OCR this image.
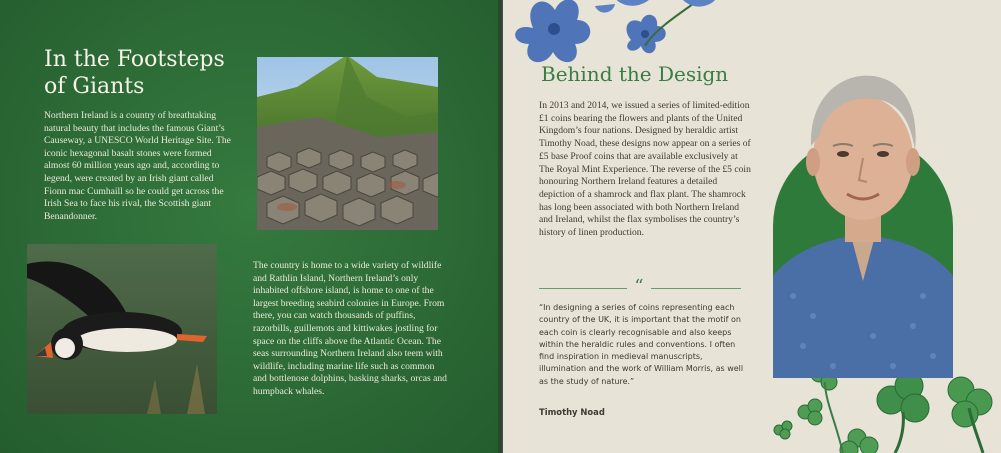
In the Footsteps
of Giants

Northern Ireland is a country of breathtaking natural beauty that includes the famous Giant’s Causeway, a UNESCO World Heritage Site. The iconic hexagonal basalt stones were formed almost 60 million years ago and, according to legend, were created by an Irish giant called Fionn mac Cumhaill so he could get across the Irish Sea to face his rival, the Scottish giant Benandonner.

The country is home to a wide variety of wildlife and Rathlin Island, Northern Ireland’s only inhabited offshore island, is home to one of the largest breeding seabird colonies in Europe. From there, you can watch thousands of puffins, razorbills, guillemots and kittiwakes jostling for space on the cliffs above the Atlantic Ocean. The seas surrounding Northern Ireland also teem with wildlife, including marine life such as common and bottlenose dolphins, basking sharks, orcas and humpback whales.

Behind the Design

In 2013 and 2014, we issued a series of limited-edition £1 coins bearing the flowers and plants of the United Kingdom’s four nations. Designed by heraldic artist Timothy Noad, these designs now appear on a series of £5 base Proof coins that are available exclusively at The Royal Mint Experience. The reverse of the £5 coin honouring Northern Ireland features a detailed depiction of a shamrock and flax plant. The shamrock has long been associated with both Northern Ireland and Ireland, whilst the flax symbolises the country’s history of linen production.

“

“In designing a series of coins representing each country of the UK, it is important that the motif on each coin is clearly recognisable and also keeps within the heraldic rules and conventions. I often find inspiration in medieval manuscripts, illumination and the work of William Morris, as well as the study of nature.”

Timothy Noad
